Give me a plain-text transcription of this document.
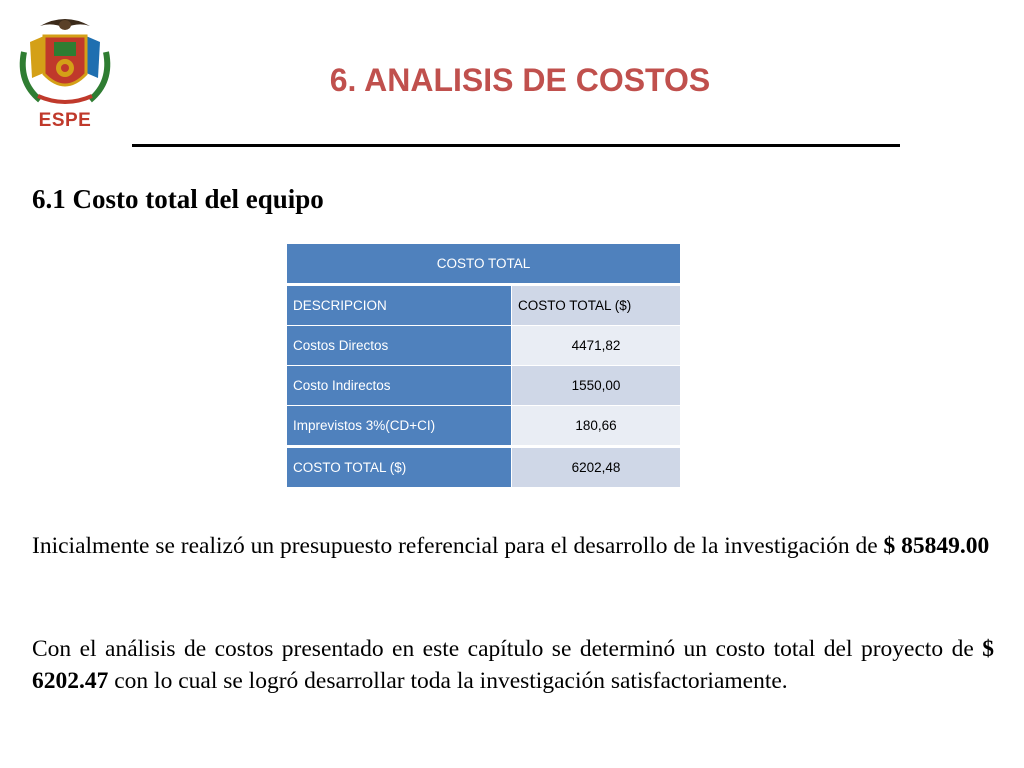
ESPE
6. ANALISIS DE COSTOS
6.1 Costo total del equipo
COSTO TOTAL	
DESCRIPCION	COSTO TOTAL ($)
Costos Directos	4471,82
Costo Indirectos	1550,00
Imprevistos 3%(CD+CI)	180,66
COSTO TOTAL ($)	6202,48
Inicialmente se realizó un presupuesto referencial para el desarrollo de la investigación de $ 85849.00
Con el análisis de costos presentado en este capítulo se determinó un costo total del proyecto de $ 6202.47 con lo cual se logró desarrollar toda la investigación satisfactoriamente.
